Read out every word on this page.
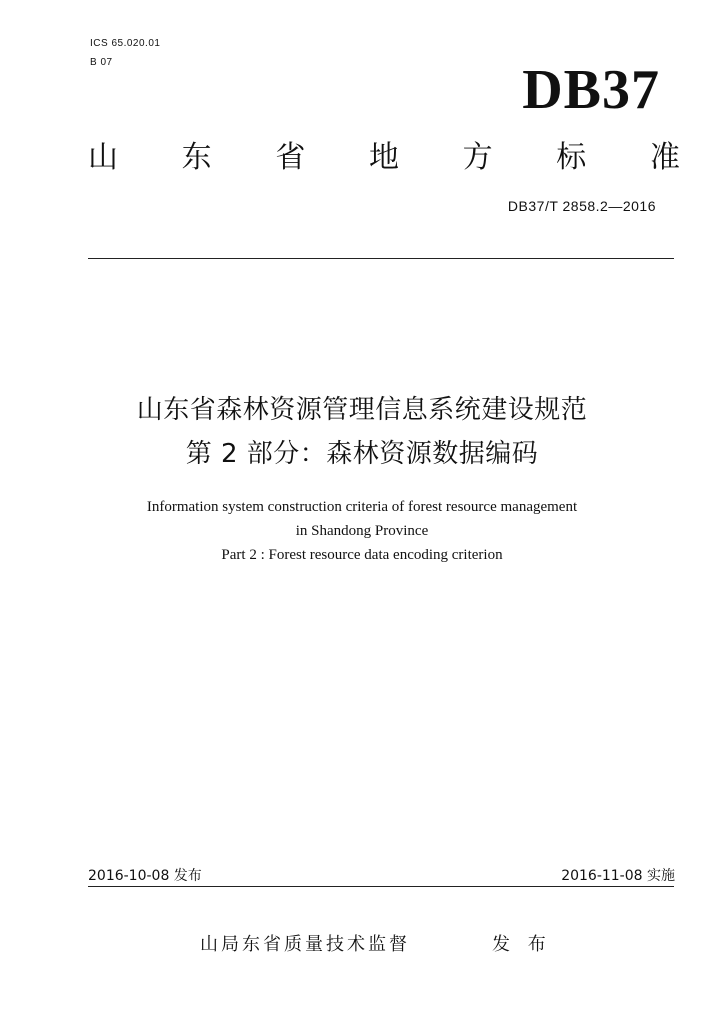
ICS 65.020.01
B 07	DB37
山 东 省 地 方 标 准
DB37/T 2858.2—2016
山东省森林资源管理信息系统建设规范
第 2 部分：森林资源数据编码
Information system construction criteria of forest resource management
in Shandong Province
Part 2 : Forest resource data encoding criterion
2016-10-08 发布	2016-11-08 实施
山局东省质量技术监督	发 布
